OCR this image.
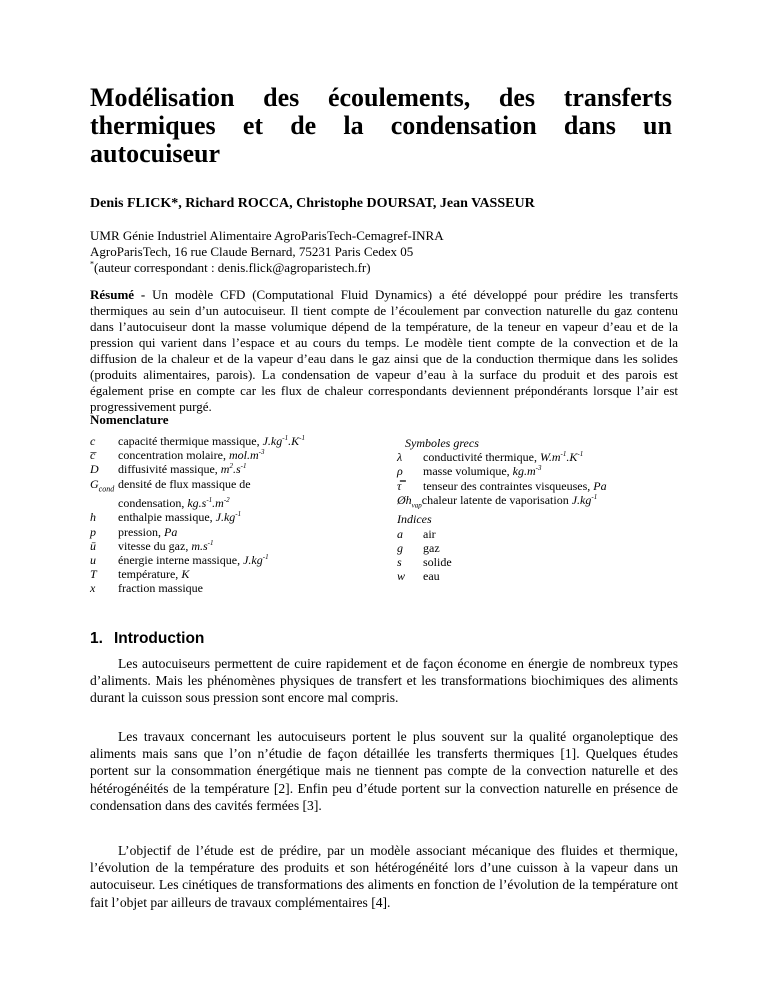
Modélisation des écoulements, des transferts
thermiques et de la condensation dans un
autocuiseur
Denis FLICK*, Richard ROCCA, Christophe DOURSAT, Jean VASSEUR
UMR Génie Industriel Alimentaire AgroParisTech-Cemagref-INRA
AgroParisTech, 16 rue Claude Bernard, 75231 Paris Cedex 05
*(auteur correspondant : denis.flick@agroparistech.fr)

Résumé - Un modèle CFD (Computational Fluid Dynamics) a été développé pour prédire les transferts thermiques au sein d’un autocuiseur. Il tient compte de l’écoulement par convection naturelle du gaz contenu dans l’autocuiseur dont la masse volumique dépend de la température, de la teneur en vapeur d’eau et de la pression qui varient dans l’espace et au cours du temps. Le modèle tient compte de la convection et de la diffusion de la chaleur et de la vapeur d’eau dans le gaz ainsi que de la conduction thermique dans les solides (produits alimentaires, parois). La condensation de vapeur d’eau à la surface du produit et des parois est également prise en compte car les flux de chaleur correspondants deviennent prépondérants lorsque l’air est progressivement purgé.

Nomenclature
c	capacité thermique massique, $J.kg^{-1}.K^{-1}$
c̅	concentration molaire, $mol.m^{-3}$
D	diffusivité massique, $m^2.s^{-1}$
$G_{cond}$ densité de flux massique de
condensation, $kg.s^{-1}.m^{-2}$
h	enthalpie massique, $J.kg^{-1}$
p	pression, Pa
ū	vitesse du gaz, $m.s^{-1}$
u	énergie interne massique, $J.kg^{-1}$
T	température, K
x	fraction massique
Symboles grecs
λ	conductivité thermique, $W.m^{-1}.K^{-1}$
ρ	masse volumique, $kg.m^{-3}$
τ̿	tenseur des contraintes visqueuses, Pa
$Øh_{vap}$ chaleur latente de vaporisation $J.kg^{-1}$
Indices
a	air
g	gaz
s	solide
w	eau
1. Introduction

Les autocuiseurs permettent de cuire rapidement et de façon économe en énergie de nombreux types d’aliments. Mais les phénomènes physiques de transfert et les transformations biochimiques des aliments durant la cuisson sous pression sont encore mal compris.

Les travaux concernant les autocuiseurs portent le plus souvent sur la qualité organoleptique des aliments mais sans que l’on n’étudie de façon détaillée les transferts thermiques [1]. Quelques études portent sur la consommation énergétique mais ne tiennent pas compte de la convection naturelle et des hétérogénéités de la température [2]. Enfin peu d’étude portent sur la convection naturelle en présence de condensation dans des cavités fermées [3].

L’objectif de l’étude est de prédire, par un modèle associant mécanique des fluides et thermique, l’évolution de la température des produits et son hétérogénéité lors d’une cuisson à la vapeur dans un autocuiseur. Les cinétiques de transformations des aliments en fonction de l’évolution de la température ont fait l’objet par ailleurs de travaux complémentaires [4].
